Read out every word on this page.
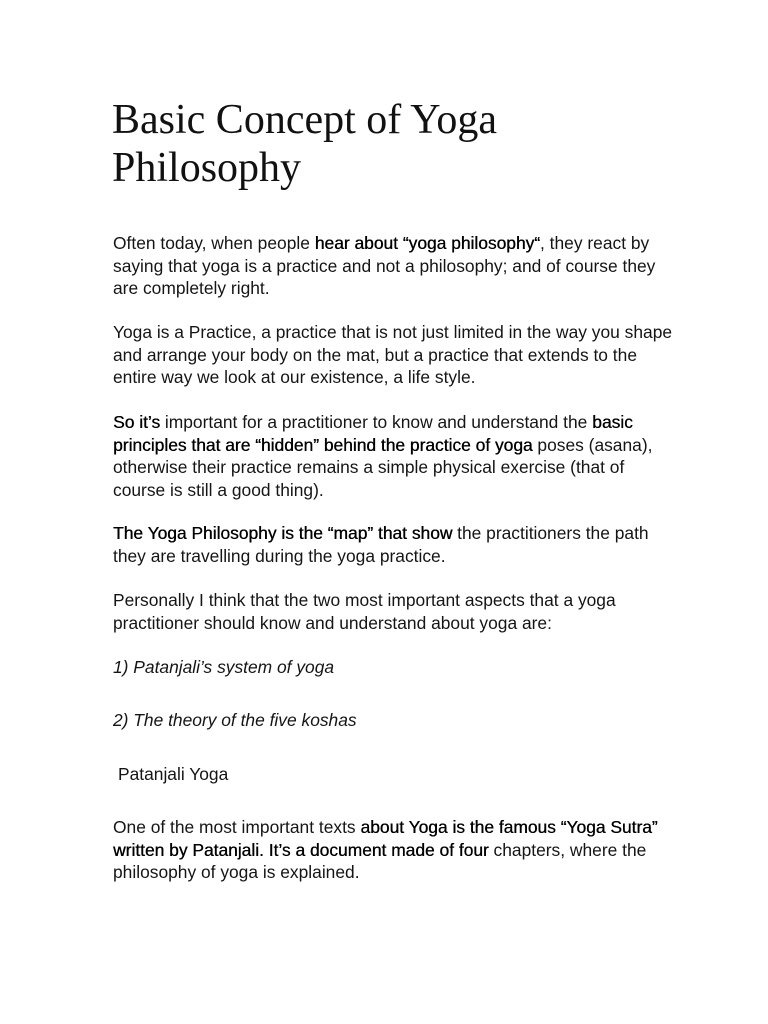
Basic Concept of Yoga
Philosophy

Often today, when people hear about “yoga philosophy“, they react by saying that yoga is a practice and not a philosophy; and of course they are completely right.

Yoga is a Practice, a practice that is not just limited in the way you shape and arrange your body on the mat, but a practice that extends to the entire way we look at our existence, a life style.

So it’s important for a practitioner to know and understand the basic principles that are “hidden” behind the practice of yoga poses (asana), otherwise their practice remains a simple physical exercise (that of course is still a good thing).

The Yoga Philosophy is the “map” that show the practitioners the path they are travelling during the yoga practice.

Personally I think that the two most important aspects that a yoga practitioner should know and understand about yoga are:

1) Patanjali’s system of yoga

2) The theory of the five koshas

Patanjali Yoga

One of the most important texts about Yoga is the famous “Yoga Sutra” written by Patanjali. It’s a document made of four chapters, where the philosophy of yoga is explained.
